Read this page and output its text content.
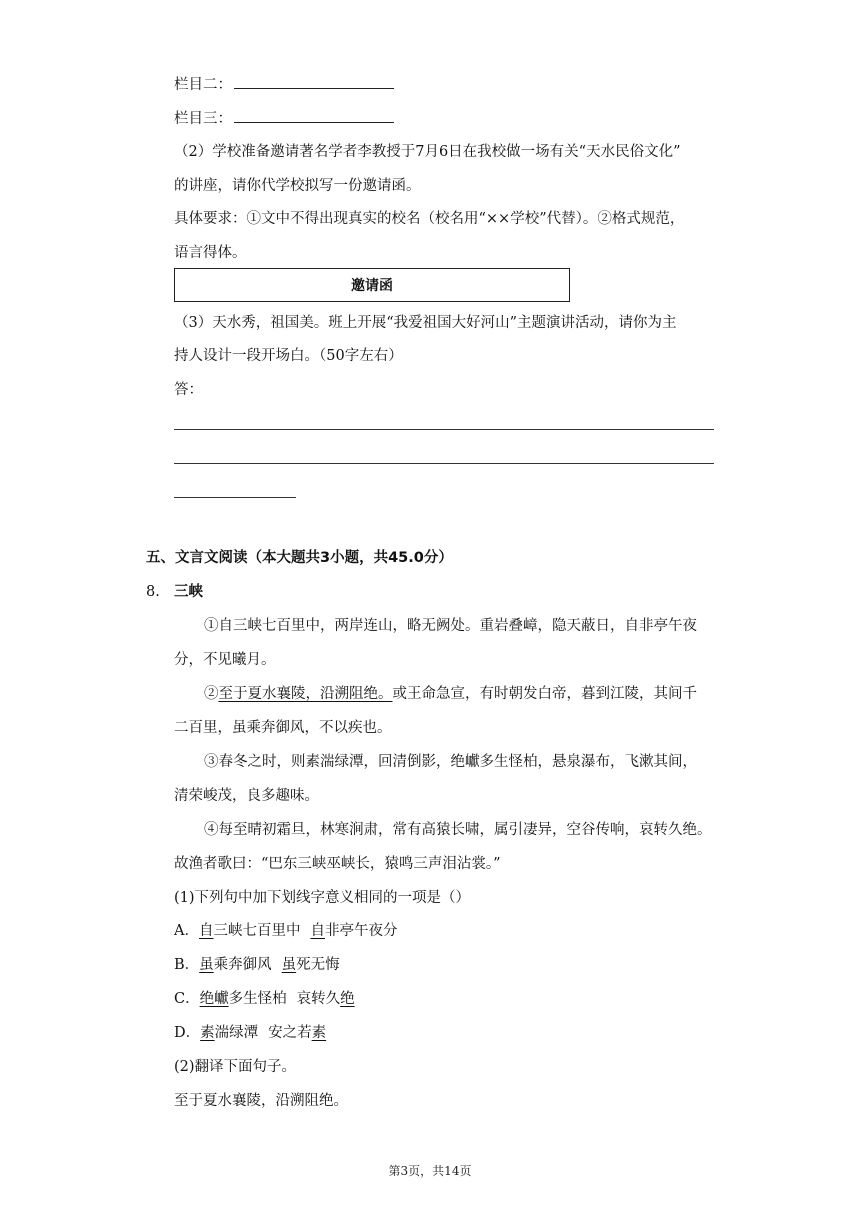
栏目二：
栏目三：
（2）学校准备邀请著名学者李教授于7月6日在我校做一场有关“天水民俗文化”
的讲座，请你代学校拟写一份邀请函。
具体要求：①文中不得出现真实的校名（校名用“××学校”代替）。②格式规范，
语言得体。
邀请函
（3）天水秀，祖国美。班上开展“我爱祖国大好河山”主题演讲活动，请你为主
持人设计一段开场白。（50字左右）
答：
五、文言文阅读（本大题共3小题，共45.0分）
8. 三峡
①自三峡七百里中，两岸连山，略无阙处。重岩叠嶂，隐天蔽日，自非亭午夜
分，不见曦月。
②至于夏水襄陵，沿溯阻绝。或王命急宣，有时朝发白帝，暮到江陵，其间千
二百里，虽乘奔御风，不以疾也。
③春冬之时，则素湍绿潭，回清倒影，绝巘多生怪柏，悬泉瀑布，飞漱其间，
清荣峻茂，良多趣味。
④每至晴初霜旦，林寒涧肃，常有高猿长啸，属引凄异，空谷传响，哀转久绝。
故渔者歌曰：“巴东三峡巫峡长，猿鸣三声泪沾裳。”
(1)下列句中加下划线字意义相同的一项是（）
A．自三峡七百里中 自非亭午夜分
B．虽乘奔御风 虽死无悔
C．绝巘多生怪柏 哀转久绝
D．素湍绿潭 安之若素
(2)翻译下面句子。
至于夏水襄陵，沿溯阻绝。
第3页，共14页
